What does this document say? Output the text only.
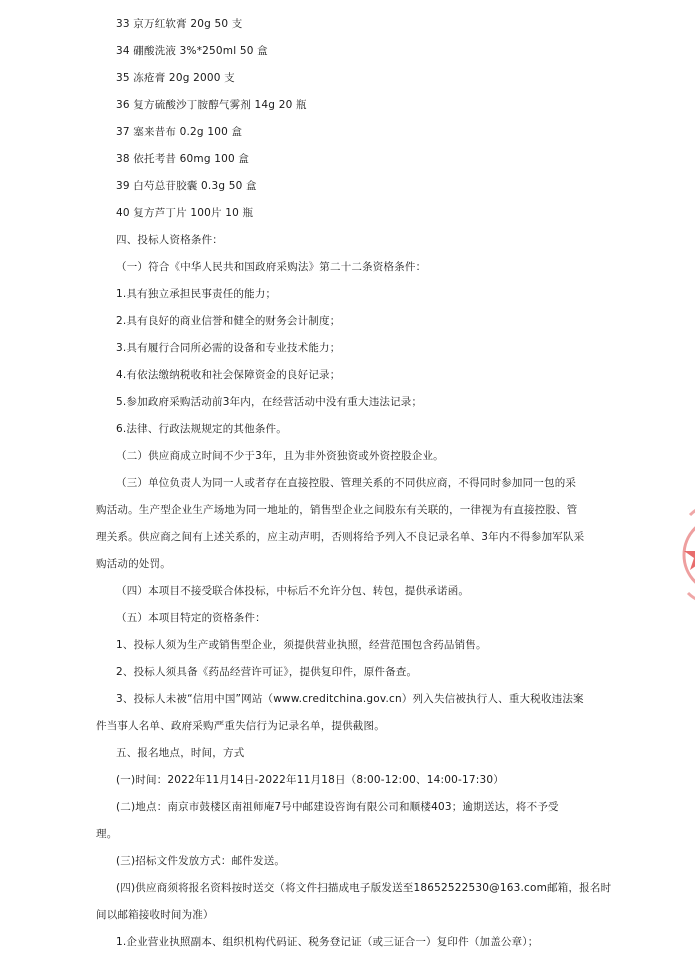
33 京万红软膏 20g 50 支
34 硼酸洗液 3%*250ml 50 盒
35 冻疮膏 20g 2000 支
36 复方硫酸沙丁胺醇气雾剂 14g 20 瓶
37 塞来昔布 0.2g 100 盒
38 依托考昔 60mg 100 盒
39 白芍总苷胶囊 0.3g 50 盒
40 复方芦丁片 100片 10 瓶
四、投标人资格条件：
（一）符合《中华人民共和国政府采购法》第二十二条资格条件：
1.具有独立承担民事责任的能力；
2.具有良好的商业信誉和健全的财务会计制度；
3.具有履行合同所必需的设备和专业技术能力；
4.有依法缴纳税收和社会保障资金的良好记录；
5.参加政府采购活动前3年内，在经营活动中没有重大违法记录；
6.法律、行政法规规定的其他条件。
（二）供应商成立时间不少于3年，且为非外资独资或外资控股企业。
（三）单位负责人为同一人或者存在直接控股、管理关系的不同供应商，不得同时参加同一包的采
购活动。生产型企业生产场地为同一地址的，销售型企业之间股东有关联的，一律视为有直接控股、管
理关系。供应商之间有上述关系的，应主动声明，否则将给予列入不良记录名单、3年内不得参加军队采
购活动的处罚。
（四）本项目不接受联合体投标，中标后不允许分包、转包，提供承诺函。
（五）本项目特定的资格条件：
1、投标人须为生产或销售型企业，须提供营业执照，经营范围包含药品销售。
2、投标人须具备《药品经营许可证》，提供复印件，原件备查。
3、投标人未被“信用中国”网站（www.creditchina.gov.cn）列入失信被执行人、重大税收违法案
件当事人名单、政府采购严重失信行为记录名单，提供截图。
五、报名地点，时间，方式
(一)时间：2022年11月14日-2022年11月18日（8:00-12:00、14:00-17:30）
(二)地点：南京市鼓楼区南祖师庵7号中邮建设咨询有限公司和顺楼403；逾期送达，将不予受
理。
(三)招标文件发放方式：邮件发送。
(四)供应商须将报名资料按时送交（将文件扫描成电子版发送至18652522530@163.com邮箱，报名时
间以邮箱接收时间为准）
1.企业营业执照副本、组织机构代码证、税务登记证（或三证合一）复印件（加盖公章）；
